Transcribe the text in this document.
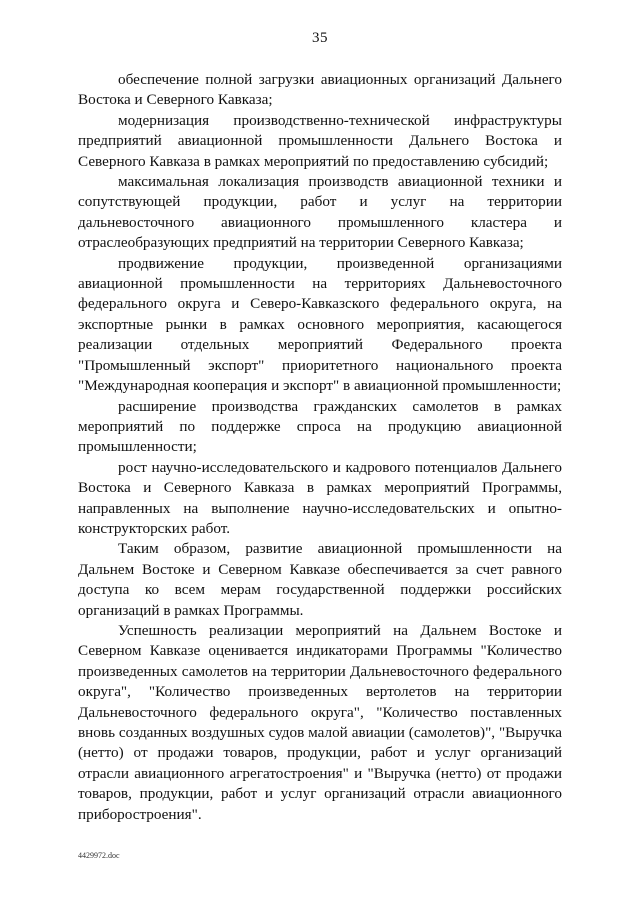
35

обеспечение полной загрузки авиационных организаций Дальнего Востока и Северного Кавказа;

модернизация производственно-технической инфраструктуры предприятий авиационной промышленности Дальнего Востока и Северного Кавказа в рамках мероприятий по предоставлению субсидий;

максимальная локализация производств авиационной техники и сопутствующей продукции, работ и услуг на территории дальневосточного авиационного промышленного кластера и отраслеобразующих предприятий на территории Северного Кавказа;

продвижение продукции, произведенной организациями авиационной промышленности на территориях Дальневосточного федерального округа и Северо-Кавказского федерального округа, на экспортные рынки в рамках основного мероприятия, касающегося реализации отдельных мероприятий Федерального проекта "Промышленный экспорт" приоритетного национального проекта "Международная кооперация и экспорт" в авиационной промышленности;

расширение производства гражданских самолетов в рамках мероприятий по поддержке спроса на продукцию авиационной промышленности;

рост научно-исследовательского и кадрового потенциалов Дальнего Востока и Северного Кавказа в рамках мероприятий Программы, направленных на выполнение научно-исследовательских и опытно-конструкторских работ.

Таким образом, развитие авиационной промышленности на Дальнем Востоке и Северном Кавказе обеспечивается за счет равного доступа ко всем мерам государственной поддержки российских организаций в рамках Программы.

Успешность реализации мероприятий на Дальнем Востоке и Северном Кавказе оценивается индикаторами Программы "Количество произведенных самолетов на территории Дальневосточного федерального округа", "Количество произведенных вертолетов на территории Дальневосточного федерального округа", "Количество поставленных вновь созданных воздушных судов малой авиации (самолетов)", "Выручка (нетто) от продажи товаров, продукции, работ и услуг организаций отрасли авиационного агрегатостроения" и "Выручка (нетто) от продажи товаров, продукции, работ и услуг организаций отрасли авиационного приборостроения".

4429972.doc
